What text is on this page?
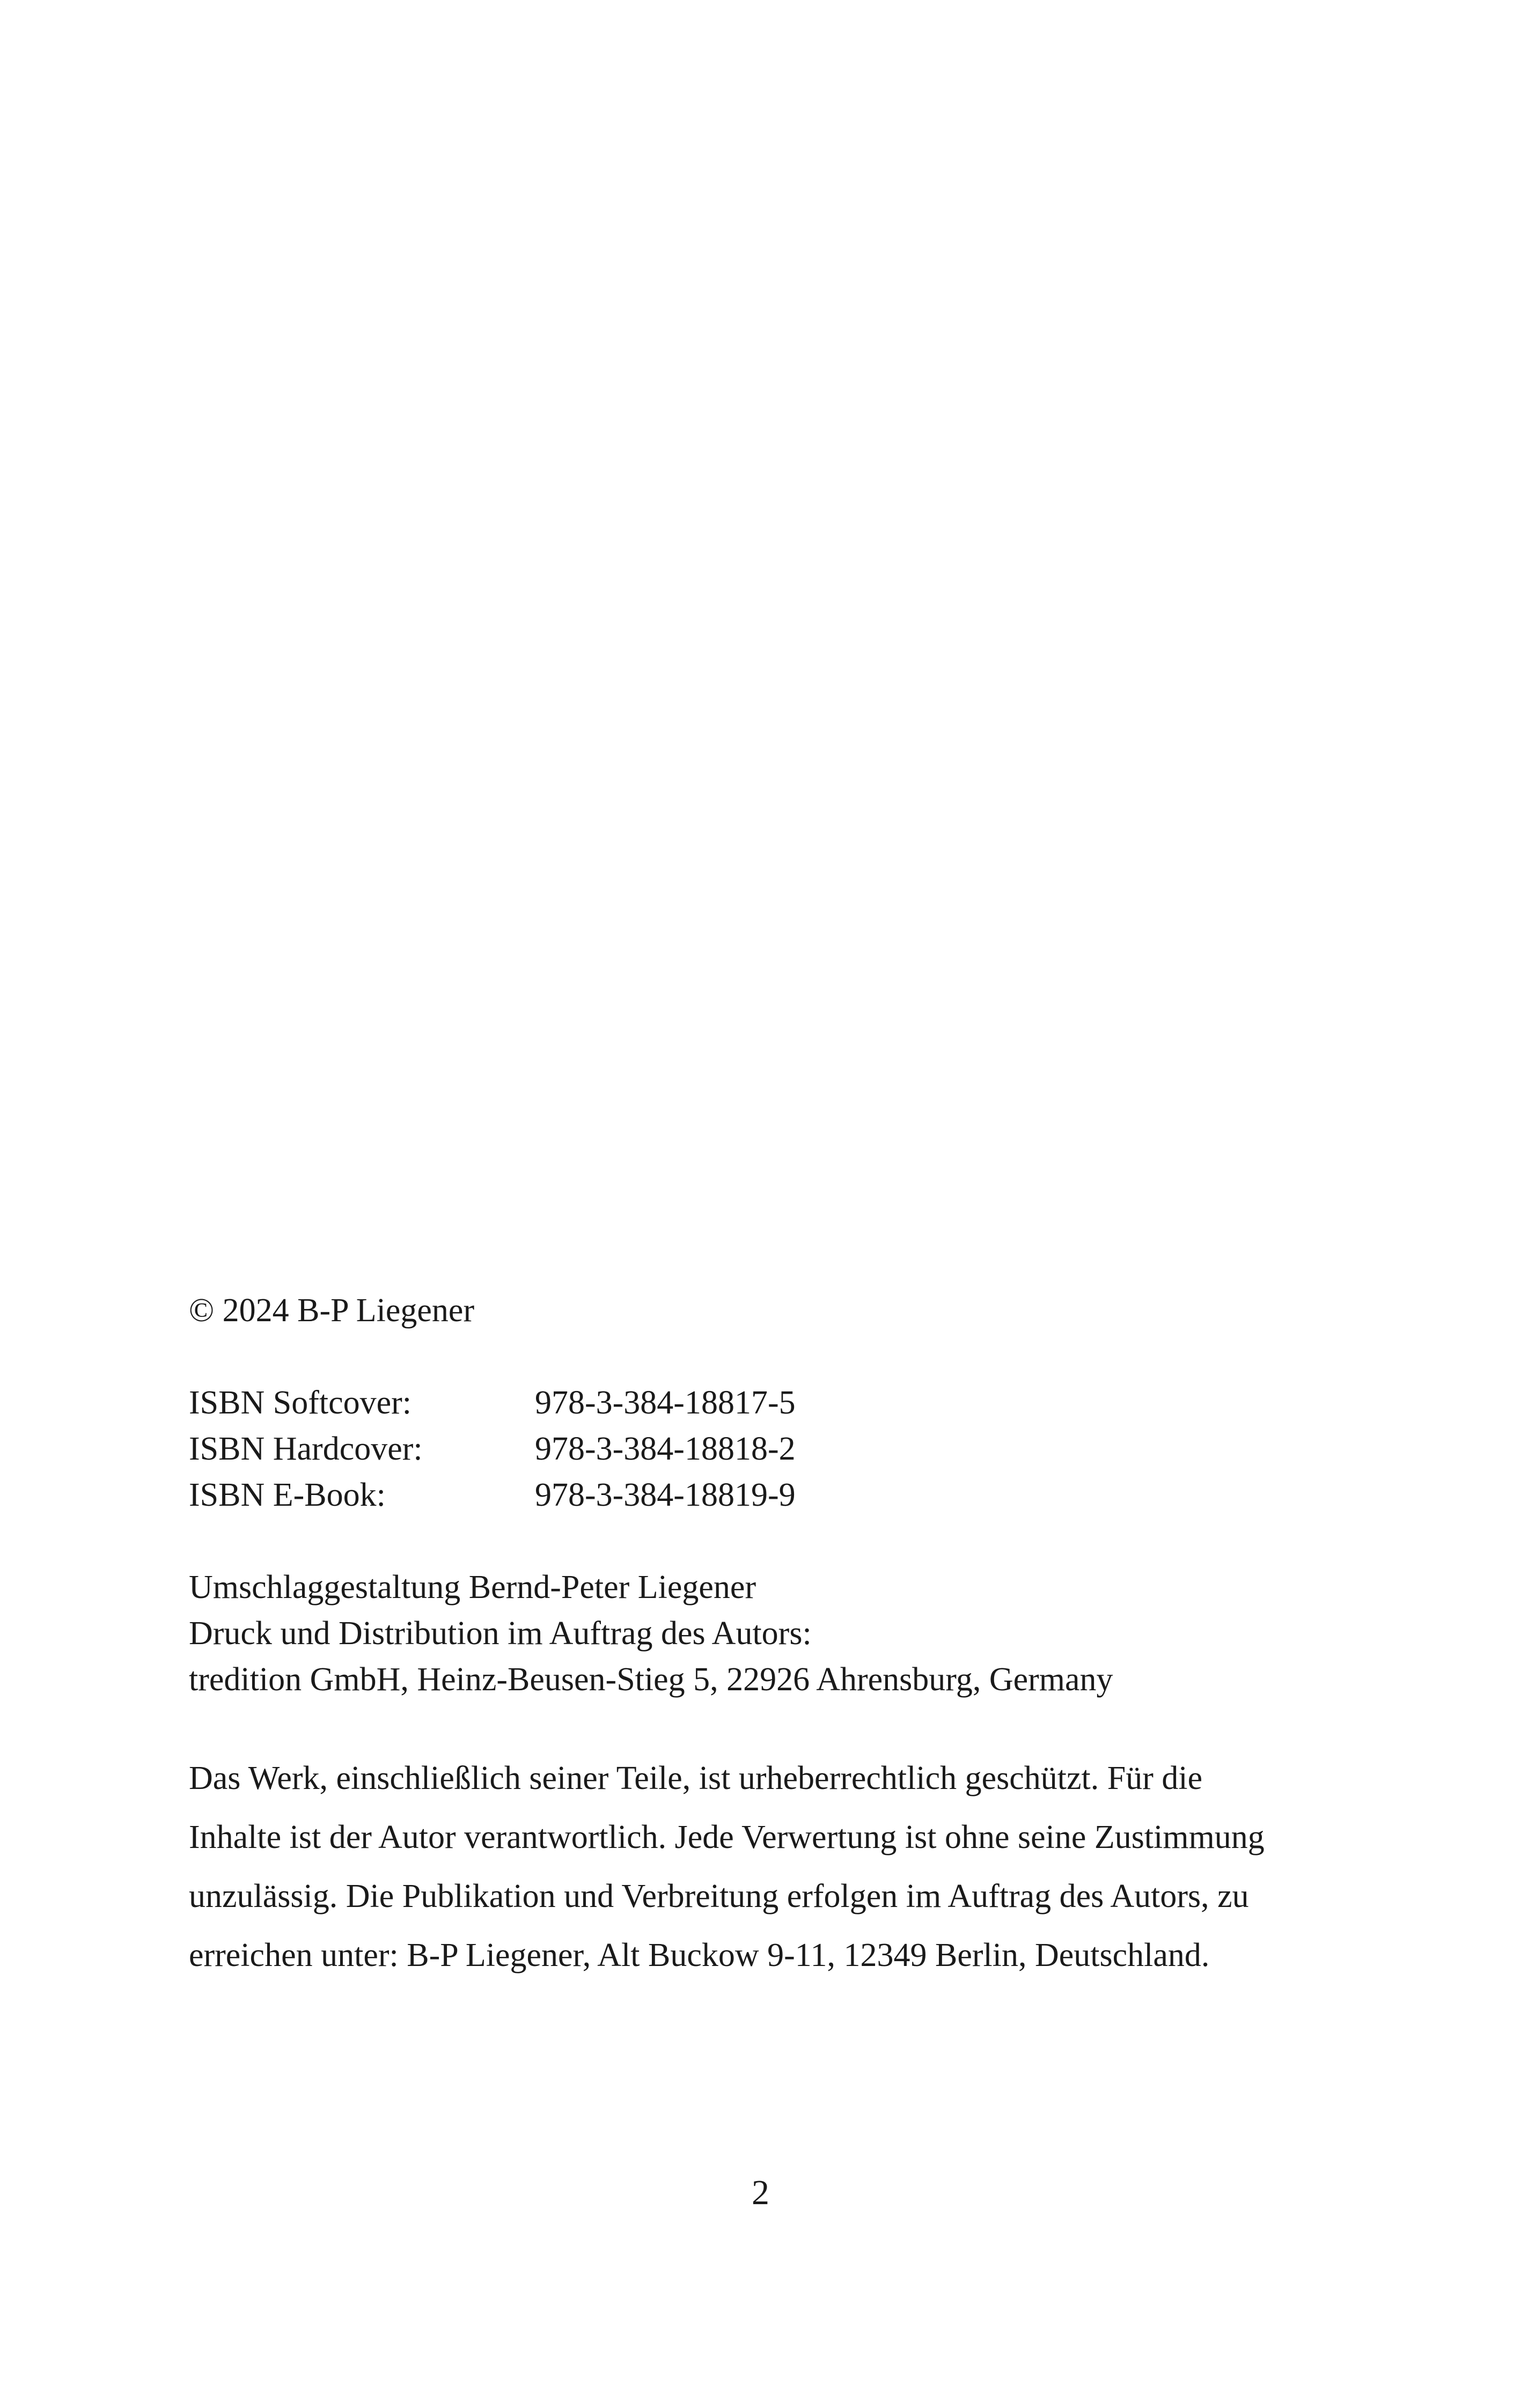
© 2024 B-P Liegener
ISBN Softcover:	978-3-384-18817-5
ISBN Hardcover:	978-3-384-18818-2
ISBN E-Book:	978-3-384-18819-9
Umschlaggestaltung Bernd-Peter Liegener
Druck und Distribution im Auftrag des Autors:
tredition GmbH, Heinz-Beusen-Stieg 5, 22926 Ahrensburg, Germany
Das Werk, einschließlich seiner Teile, ist urheberrechtlich geschützt. Für die
Inhalte ist der Autor verantwortlich. Jede Verwertung ist ohne seine Zustimmung
unzulässig. Die Publikation und Verbreitung erfolgen im Auftrag des Autors, zu
erreichen unter: B-P Liegener, Alt Buckow 9-11, 12349 Berlin, Deutschland.
2
